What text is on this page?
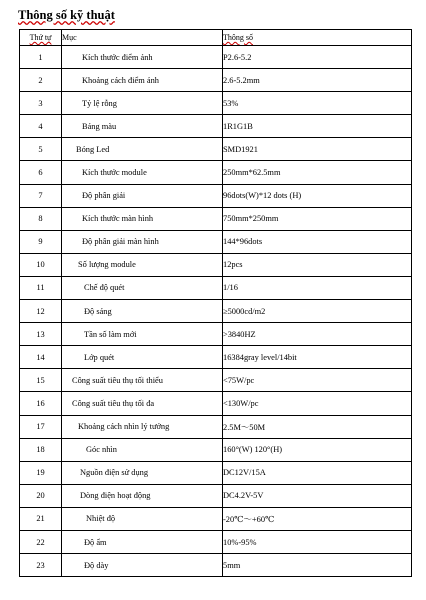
Thông số kỹ thuật
Thứ tự	Mục	Thông số
1	Kích thước điểm ảnh	P2.6-5.2
2	Khoảng cách điểm ảnh	2.6-5.2mm
3	Tỷ lệ rỗng	53%
4	Bảng màu	1R1G1B
5	Bóng Led	SMD1921
6	Kích thước module	250mm*62.5mm
7	Độ phân giải	96dots(W)*12 dots (H)
8	Kích thước màn hình	750mm*250mm
9	Độ phân giải màn hình	144*96dots
10	Số lượng module	12pcs
11	Chế độ quét	1/16
12	Độ sáng	≥5000cd/m2
13	Tần số làm mới	>3840HZ
14	Lớp quét	16384gray level/14bit
15	Công suất tiêu thụ tối thiểu	<75W/pc
16	Công suất tiêu thụ tối đa	<130W/pc
17	Khoảng cách nhìn lý tưởng	2.5M～50M
18	Góc nhìn	160°(W) 120°(H)
19	Nguồn điện sử dụng	DC12V/15A
20	Dòng điện hoạt động	DC4.2V-5V
21	Nhiệt độ	-20℃～+60℃
22	Độ ẩm	10%-95%
23	Độ dày	5mm
